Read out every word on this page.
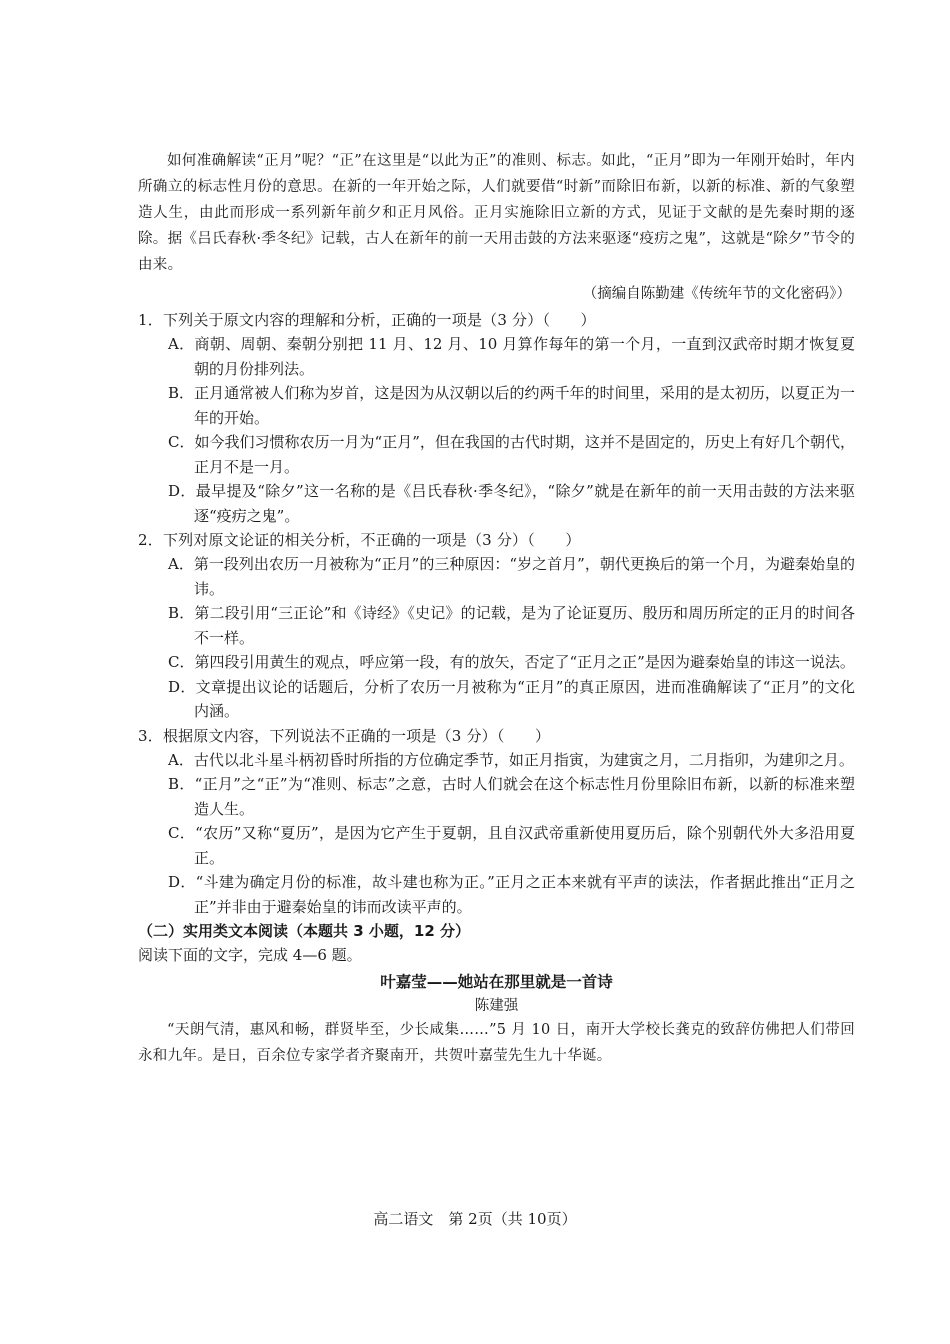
如何准确解读“正月”呢？“正”在这里是“以此为正”的准则、标志。如此，“正月”即为一年刚开始时，年内所确立的标志性月份的意思。在新的一年开始之际，人们就要借“时新”而除旧布新，以新的标准、新的气象塑造人生，由此而形成一系列新年前夕和正月风俗。正月实施除旧立新的方式，见证于文献的是先秦时期的逐除。据《吕氏春秋·季冬纪》记载，古人在新年的前一天用击鼓的方法来驱逐“疫疠之鬼”，这就是“除夕”节令的由来。

（摘编自陈勤建《传统年节的文化密码》）

1．下列关于原文内容的理解和分析，正确的一项是（3 分）（　　）

A．商朝、周朝、秦朝分别把 11 月、12 月、10 月算作每年的第一个月，一直到汉武帝时期才恢复夏朝的月份排列法。

B．正月通常被人们称为岁首，这是因为从汉朝以后的约两千年的时间里，采用的是太初历，以夏正为一年的开始。

C．如今我们习惯称农历一月为“正月”，但在我国的古代时期，这并不是固定的，历史上有好几个朝代，正月不是一月。

D．最早提及“除夕”这一名称的是《吕氏春秋·季冬纪》，“除夕”就是在新年的前一天用击鼓的方法来驱逐“疫疠之鬼”。

2．下列对原文论证的相关分析，不正确的一项是（3 分）（　　）

A．第一段列出农历一月被称为“正月”的三种原因：“岁之首月”，朝代更换后的第一个月，为避秦始皇的讳。

B．第二段引用“三正论”和《诗经》《史记》的记载，是为了论证夏历、殷历和周历所定的正月的时间各不一样。

C．第四段引用黄生的观点，呼应第一段，有的放矢，否定了“正月之正”是因为避秦始皇的讳这一说法。

D．文章提出议论的话题后，分析了农历一月被称为“正月”的真正原因，进而准确解读了“正月”的文化内涵。

3．根据原文内容，下列说法不正确的一项是（3 分）（　　）

A．古代以北斗星斗柄初昏时所指的方位确定季节，如正月指寅，为建寅之月，二月指卯，为建卯之月。

B．“正月”之“正”为“准则、标志”之意，古时人们就会在这个标志性月份里除旧布新，以新的标准来塑造人生。

C．“农历”又称“夏历”，是因为它产生于夏朝，且自汉武帝重新使用夏历后，除个别朝代外大多沿用夏正。

D．“斗建为确定月份的标准，故斗建也称为正。”正月之正本来就有平声的读法，作者据此推出“正月之正”并非由于避秦始皇的讳而改读平声的。

（二）实用类文本阅读（本题共 3 小题，12 分）

阅读下面的文字，完成 4—6 题。

叶嘉莹——她站在那里就是一首诗

陈建强

“天朗气清，惠风和畅，群贤毕至，少长咸集……”5 月 10 日，南开大学校长龚克的致辞仿佛把人们带回永和九年。是日，百余位专家学者齐聚南开，共贺叶嘉莹先生九十华诞。

高二语文　第 2页（共 10页）
